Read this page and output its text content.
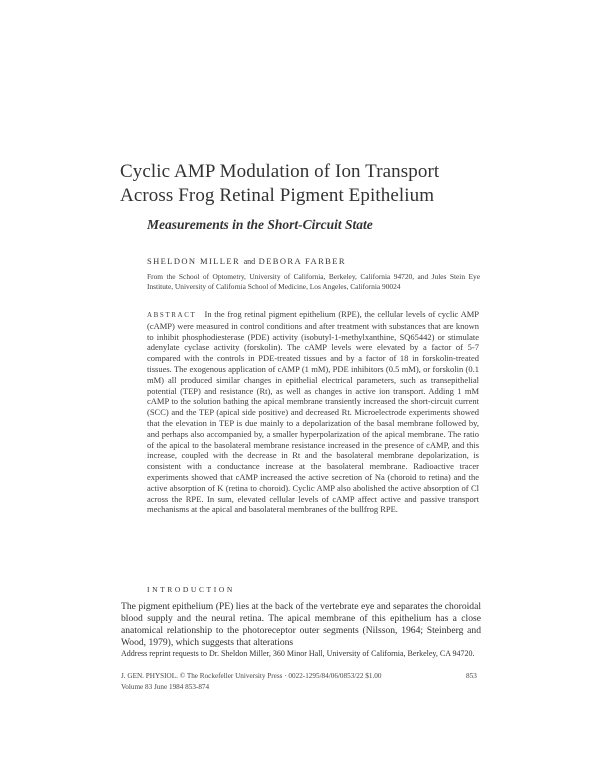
Cyclic AMP Modulation of Ion Transport
Across Frog Retinal Pigment Epithelium
Measurements in the Short-Circuit State
SHELDON MILLER and DEBORA FARBER
From the School of Optometry, University of California, Berkeley, California 94720, and Jules Stein Eye Institute, University of California School of Medicine, Los Angeles, California 90024
ABSTRACT In the frog retinal pigment epithelium (RPE), the cellular levels of cyclic AMP (cAMP) were measured in control conditions and after treatment with substances that are known to inhibit phosphodiesterase (PDE) activity (isobutyl-1-methylxanthine, SQ65442) or stimulate adenylate cyclase activity (forskolin). The cAMP levels were elevated by a factor of 5-7 compared with the controls in PDE-treated tissues and by a factor of 18 in forskolin-treated tissues. The exogenous application of cAMP (1 mM), PDE inhibitors (0.5 mM), or forskolin (0.1 mM) all produced similar changes in epithelial electrical parameters, such as transepithelial potential (TEP) and resistance (Rt), as well as changes in active ion transport. Adding 1 mM cAMP to the solution bathing the apical membrane transiently increased the short-circuit current (SCC) and the TEP (apical side positive) and decreased Rt. Microelectrode experiments showed that the elevation in TEP is due mainly to a depolarization of the basal membrane followed by, and perhaps also accompanied by, a smaller hyperpolarization of the apical membrane. The ratio of the apical to the basolateral membrane resistance increased in the presence of cAMP, and this increase, coupled with the decrease in Rt and the basolateral membrane depolarization, is consistent with a conductance increase at the basolateral membrane. Radioactive tracer experiments showed that cAMP increased the active secretion of Na (choroid to retina) and the active absorption of K (retina to choroid). Cyclic AMP also abolished the active absorption of Cl across the RPE. In sum, elevated cellular levels of cAMP affect active and passive transport mechanisms at the apical and basolateral membranes of the bullfrog RPE.
INTRODUCTION
The pigment epithelium (PE) lies at the back of the vertebrate eye and separates the choroidal blood supply and the neural retina. The apical membrane of this epithelium has a close anatomical relationship to the photoreceptor outer segments (Nilsson, 1964; Steinberg and Wood, 1979), which suggests that alterations
Address reprint requests to Dr. Sheldon Miller, 360 Minor Hall, University of California, Berkeley, CA 94720.
J. GEN. PHYSIOL. © The Rockefeller University Press · 0022-1295/84/06/0853/22 $1.00	853
Volume 83 June 1984 853-874
